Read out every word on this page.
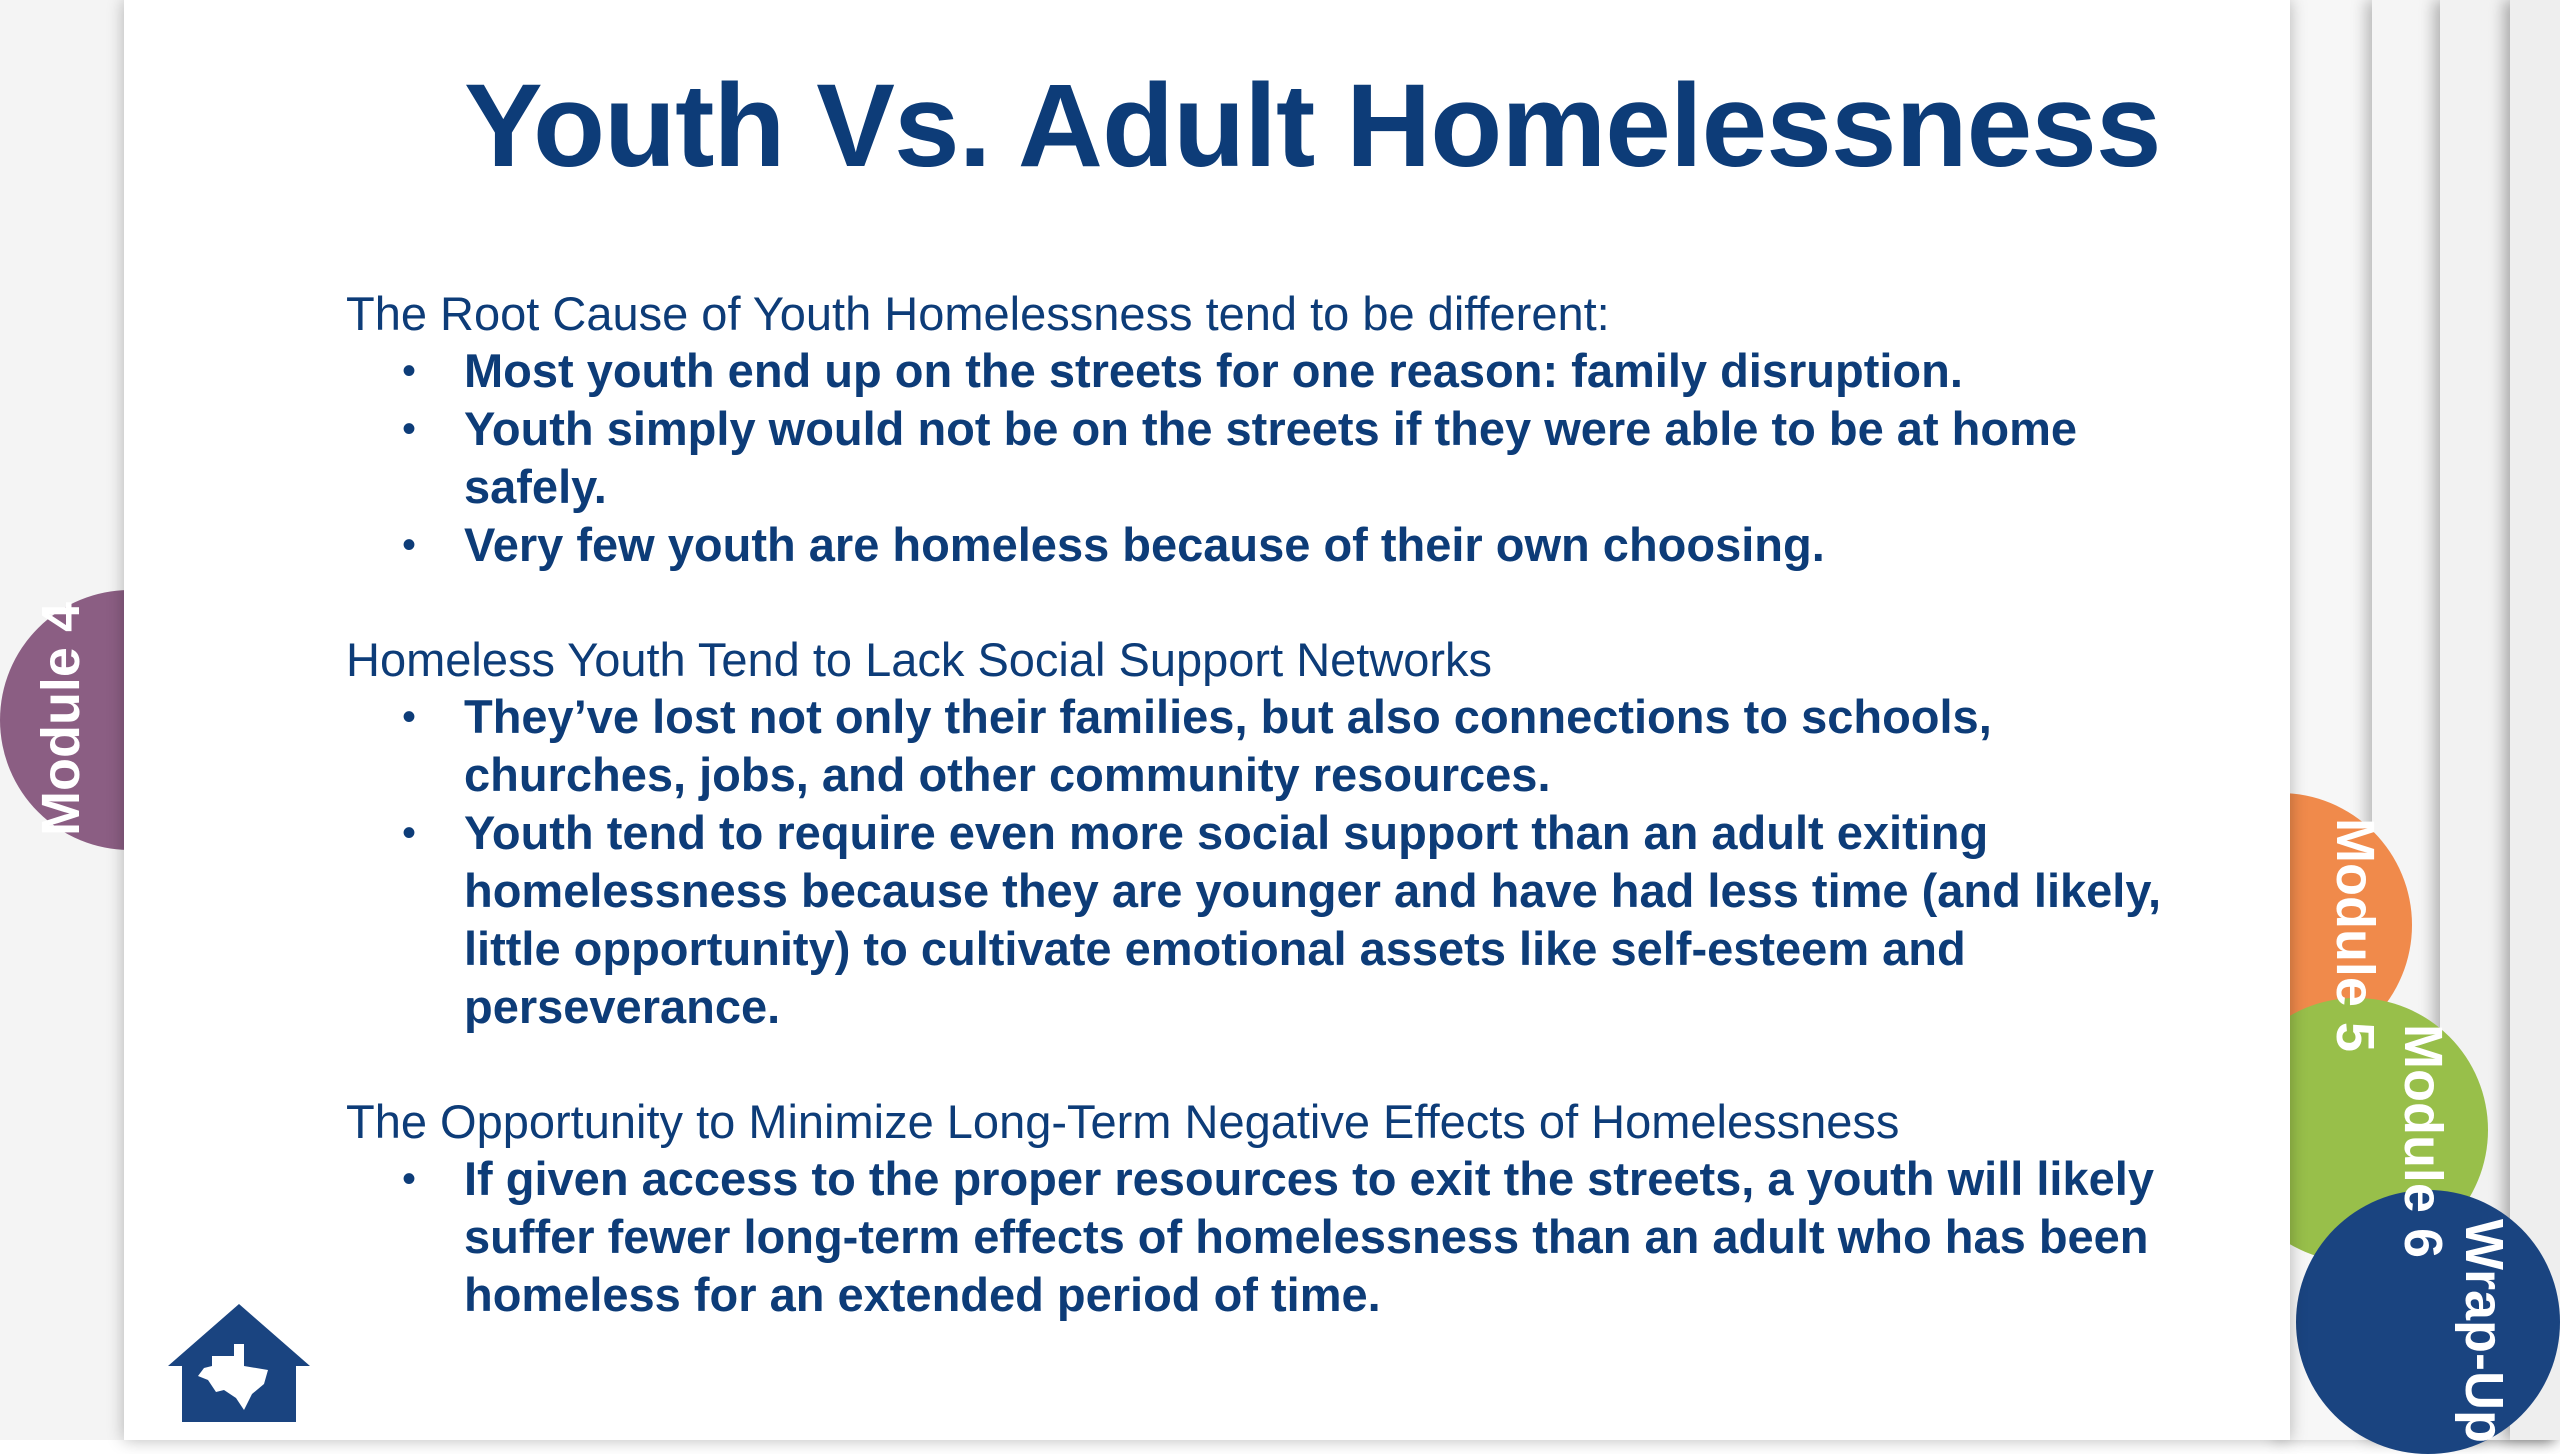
Module 5
Module 6
Wrap-Up
Youth Vs. Adult Homelessness

The Root Cause of Youth Homelessness tend to be different:

• Most youth end up on the streets for one reason: family disruption.
• Youth simply would not be on the streets if they were able to be at home safely.
• Very few youth are homeless because of their own choosing.

Homeless Youth Tend to Lack Social Support Networks

• They’ve lost not only their families, but also connections to schools, churches, jobs, and other community resources.
• Youth tend to require even more social support than an adult exiting homelessness because they are younger and have had less time (and likely, little opportunity) to cultivate emotional assets like self-esteem and perseverance.

The Opportunity to Minimize Long-Term Negative Effects of Homelessness

• If given access to the proper resources to exit the streets, a youth will likely suffer fewer long-term effects of homelessness than an adult who has been homeless for an extended period of time.
Module 4
